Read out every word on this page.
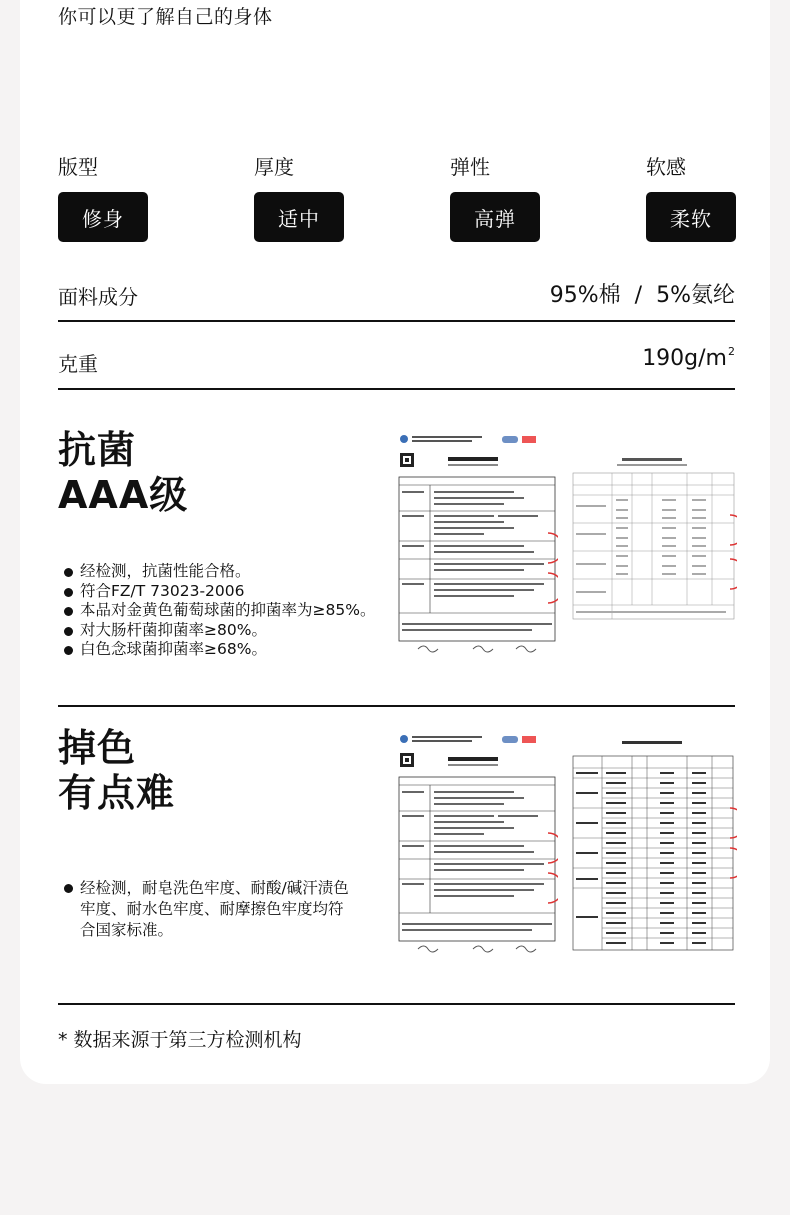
你可以更了解自己的身体
版型	厚度	弹性	软感
修身	适中	高弹	柔软
面料成分	95%棉 / 5%氨纶
克重	$190g/m^2$
抗菌
AAA级
经检测，抗菌性能合格。
符合FZ/T 73023-2006
本品对金黄色葡萄球菌的抑菌率为≥85%。
对大肠杆菌抑菌率≥80%。
白色念球菌抑菌率≥68%。
掉色
有点难
经检测，耐皂洗色牢度、耐酸/碱汗渍色牢度、耐水色牢度、耐摩擦色牢度均符合国家标准。
* 数据来源于第三方检测机构
